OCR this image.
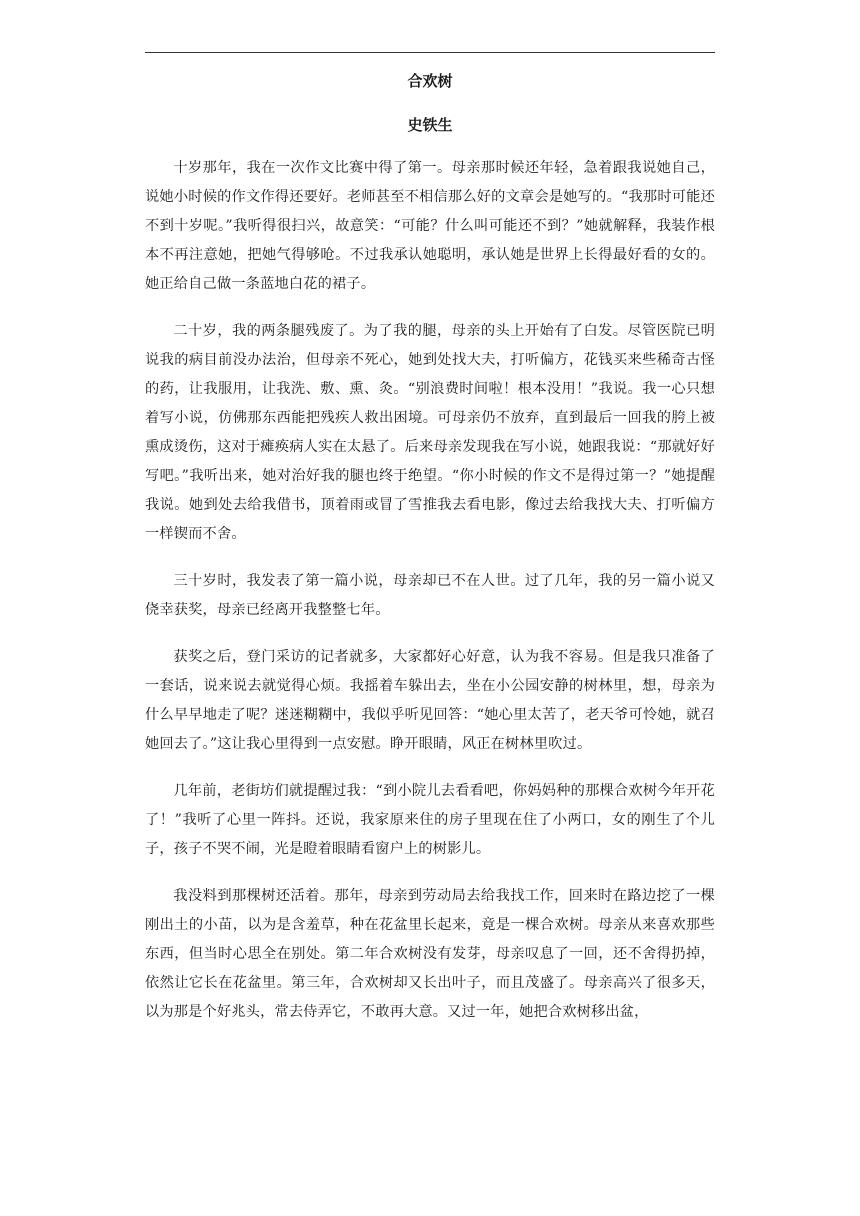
合欢树
史铁生

十岁那年，我在一次作文比赛中得了第一。母亲那时候还年轻，急着跟我说她自己，说她小时候的作文作得还要好。老师甚至不相信那么好的文章会是她写的。“我那时可能还不到十岁呢。”我听得很扫兴，故意笑：“可能？什么叫可能还不到？”她就解释，我装作根本不再注意她，把她气得够呛。不过我承认她聪明，承认她是世界上长得最好看的女的。她正给自己做一条蓝地白花的裙子。

二十岁，我的两条腿残废了。为了我的腿，母亲的头上开始有了白发。尽管医院已明说我的病目前没办法治，但母亲不死心，她到处找大夫，打听偏方，花钱买来些稀奇古怪的药，让我服用，让我洗、敷、熏、灸。“别浪费时间啦！根本没用！”我说。我一心只想着写小说，仿佛那东西能把残疾人救出困境。可母亲仍不放弃，直到最后一回我的胯上被熏成烫伤，这对于瘫痪病人实在太悬了。后来母亲发现我在写小说，她跟我说：“那就好好写吧。”我听出来，她对治好我的腿也终于绝望。“你小时候的作文不是得过第一？”她提醒我说。她到处去给我借书，顶着雨或冒了雪推我去看电影，像过去给我找大夫、打听偏方一样锲而不舍。

三十岁时，我发表了第一篇小说，母亲却已不在人世。过了几年，我的另一篇小说又侥幸获奖，母亲已经离开我整整七年。

获奖之后，登门采访的记者就多，大家都好心好意，认为我不容易。但是我只准备了一套话，说来说去就觉得心烦。我摇着车躲出去，坐在小公园安静的树林里，想，母亲为什么早早地走了呢？迷迷糊糊中，我似乎听见回答：“她心里太苦了，老天爷可怜她，就召她回去了。”这让我心里得到一点安慰。睁开眼睛，风正在树林里吹过。

几年前，老街坊们就提醒过我：“到小院儿去看看吧，你妈妈种的那棵合欢树今年开花了！”我听了心里一阵抖。还说，我家原来住的房子里现在住了小两口，女的刚生了个儿子，孩子不哭不闹，光是瞪着眼睛看窗户上的树影儿。

我没料到那棵树还活着。那年，母亲到劳动局去给我找工作，回来时在路边挖了一棵刚出土的小苗，以为是含羞草，种在花盆里长起来，竟是一棵合欢树。母亲从来喜欢那些东西，但当时心思全在别处。第二年合欢树没有发芽，母亲叹息了一回，还不舍得扔掉，依然让它长在花盆里。第三年，合欢树却又长出叶子，而且茂盛了。母亲高兴了很多天，以为那是个好兆头，常去侍弄它，不敢再大意。又过一年，她把合欢树移出盆，
